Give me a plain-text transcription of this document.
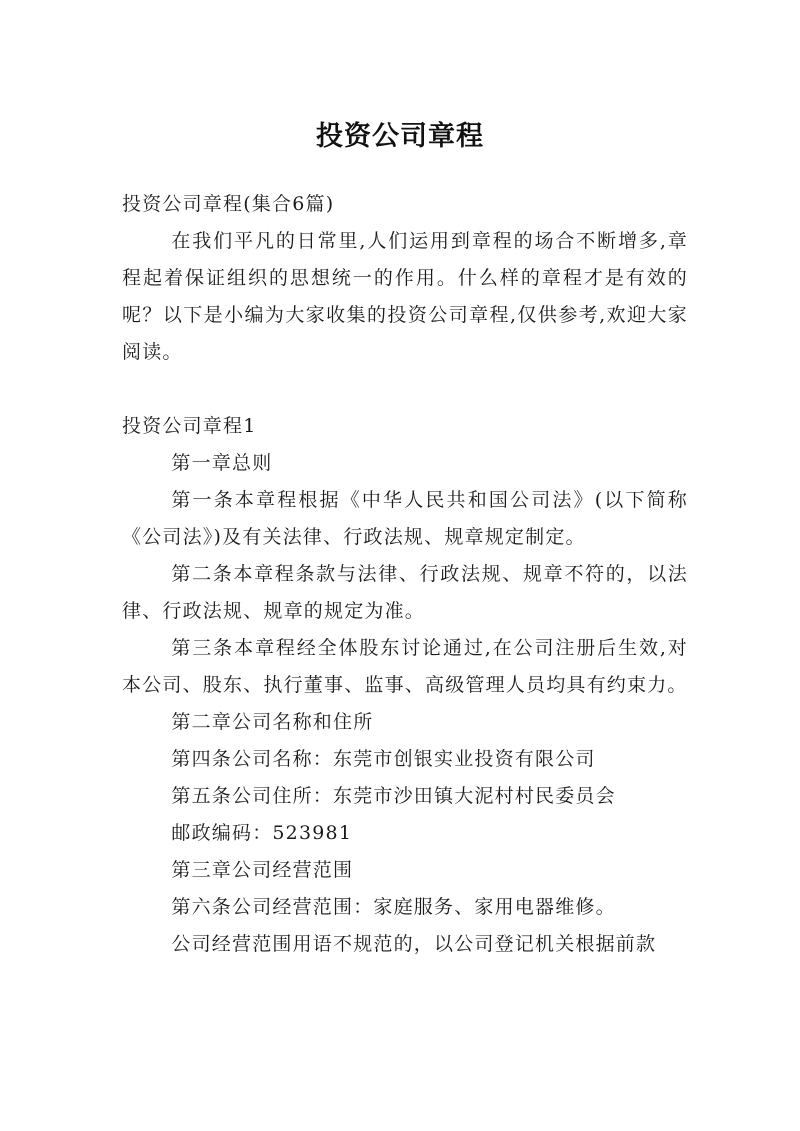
投资公司章程

投资公司章程(集合6篇)

在我们平凡的日常里,人们运用到章程的场合不断增多,章程起着保证组织的思想统一的作用。什么样的章程才是有效的呢？以下是小编为大家收集的投资公司章程,仅供参考,欢迎大家阅读。

投资公司章程1

第一章总则

第一条本章程根据《中华人民共和国公司法》(以下简称《公司法》)及有关法律、行政法规、规章规定制定。

第二条本章程条款与法律、行政法规、规章不符的，以法律、行政法规、规章的规定为准。

第三条本章程经全体股东讨论通过,在公司注册后生效,对本公司、股东、执行董事、监事、高级管理人员均具有约束力。

第二章公司名称和住所

第四条公司名称：东莞市创银实业投资有限公司

第五条公司住所：东莞市沙田镇大泥村村民委员会

邮政编码：523981

第三章公司经营范围

第六条公司经营范围：家庭服务、家用电器维修。

公司经营范围用语不规范的，以公司登记机关根据前款
